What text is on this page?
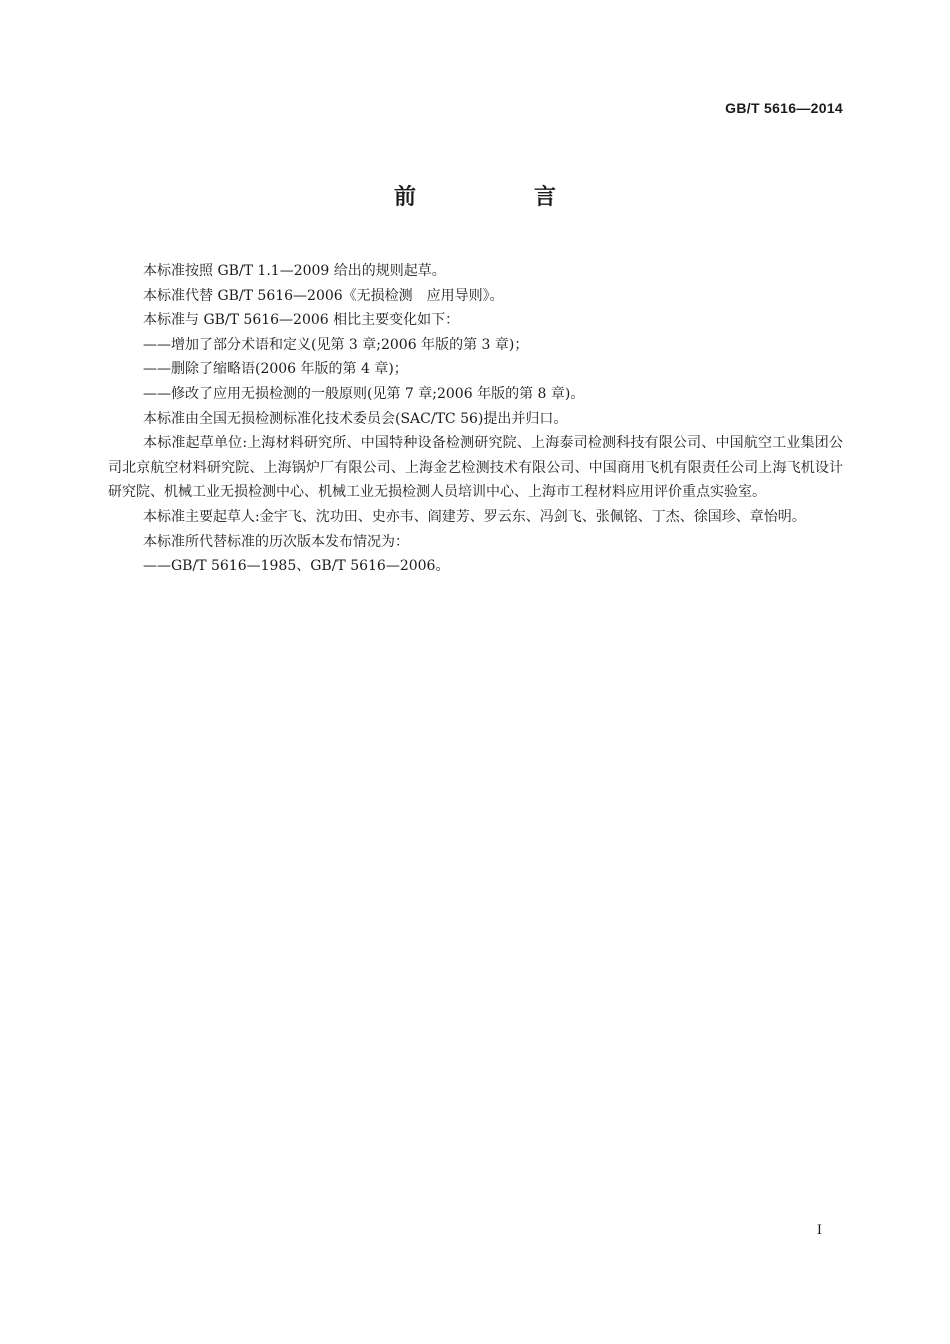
GB/T 5616—2014
前　言

本标准按照 GB/T 1.1—2009 给出的规则起草。

本标准代替 GB/T 5616—2006《无损检测　应用导则》。

本标准与 GB/T 5616—2006 相比主要变化如下：

——增加了部分术语和定义(见第 3 章;2006 年版的第 3 章)；

——删除了缩略语(2006 年版的第 4 章)；

——修改了应用无损检测的一般原则(见第 7 章;2006 年版的第 8 章)。

本标准由全国无损检测标准化技术委员会(SAC/TC 56)提出并归口。

本标准起草单位:上海材料研究所、中国特种设备检测研究院、上海泰司检测科技有限公司、中国航空工业集团公司北京航空材料研究院、上海锅炉厂有限公司、上海金艺检测技术有限公司、中国商用飞机有限责任公司上海飞机设计研究院、机械工业无损检测中心、机械工业无损检测人员培训中心、上海市工程材料应用评价重点实验室。

本标准主要起草人:金宇飞、沈功田、史亦韦、阎建芳、罗云东、冯剑飞、张佩铭、丁杰、徐国珍、章怡明。

本标准所代替标准的历次版本发布情况为：

——GB/T 5616—1985、GB/T 5616—2006。

I
